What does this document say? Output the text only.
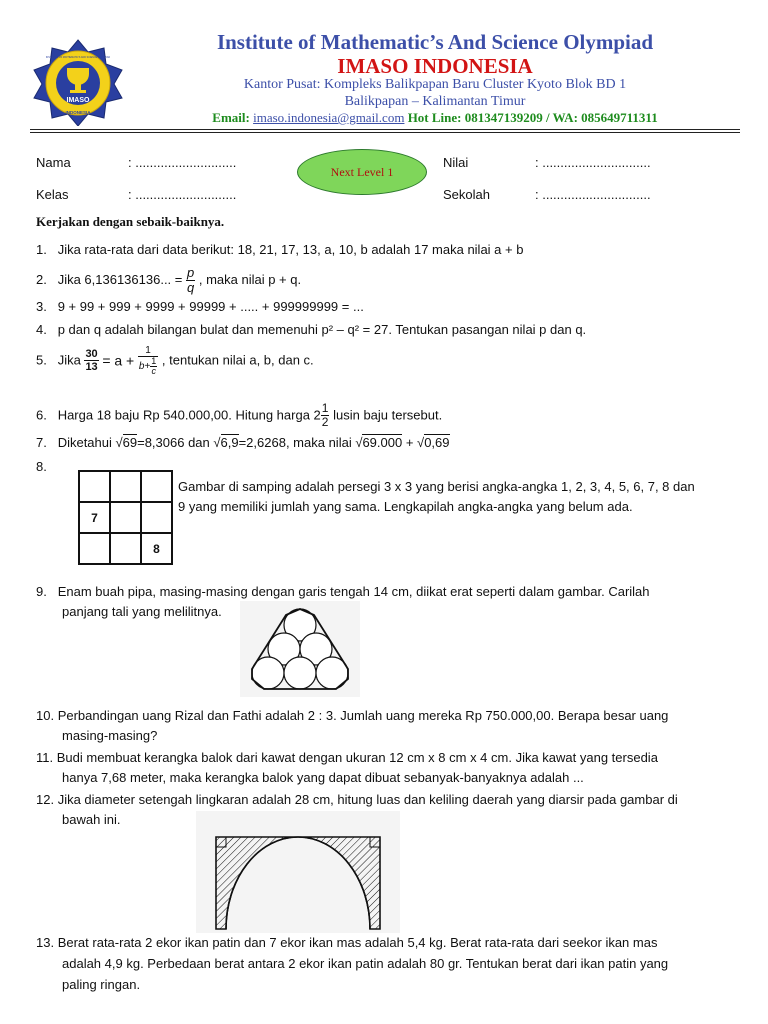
IMASO
INDONESIA
INSTITUTE OF MATHEMATIC'S AND SCIENCE OLYMPIAD
Institute of Mathematic’s And Science Olympiad
IMASO INDONESIA
Kantor Pusat: Kompleks Balikpapan Baru Cluster Kyoto Blok BD 1
Balikpapan – Kalimantan Timur
Email: imaso.indonesia@gmail.com Hot Line: 081347139209 / WA: 085649711311
Nama	: ............................
Kelas	: ............................
Nilai	: ..............................
Sekolah	: ..............................
Next Level 1
Kerjakan dengan sebaik-baiknya.
1. Jika rata-rata dari data berikut: 18, 21, 17, 13, a, 10, b adalah 17 maka nilai a + b
2. Jika 6,136136136... = $\frac{p}{q}$ , maka nilai p + q.
3. 9 + 99 + 999 + 9999 + 99999 + ..... + 999999999 = ...
4. p dan q adalah bilangan bulat dan memenuhi p² – q² = 27. Tentukan pasangan nilai p dan q.
5. Jika $\frac{30}{13} = a + \frac{1}{b+ \frac{1}{c}}$ , tentukan nilai a, b, dan c.
6. Harga 18 baju Rp 540.000,00. Hitung harga $2 \frac{1}{2}$ lusin baju tersebut.
7. Diketahui √69=8,3066 dan √6,9=2,6268, maka nilai √69.000 + √0,69
8.
7
8
Gambar di samping adalah persegi 3 x 3 yang berisi angka-angka 1, 2, 3, 4, 5, 6, 7, 8 dan
9 yang memiliki jumlah yang sama. Lengkapilah angka-angka yang belum ada.
9. Enam buah pipa, masing-masing dengan garis tengah 14 cm, diikat erat seperti dalam gambar. Carilah
panjang tali yang melilitnya.
10. Perbandingan uang Rizal dan Fathi adalah 2 : 3. Jumlah uang mereka Rp 750.000,00. Berapa besar uang
masing-masing?
11. Budi membuat kerangka balok dari kawat dengan ukuran 12 cm x 8 cm x 4 cm. Jika kawat yang tersedia
hanya 7,68 meter, maka kerangka balok yang dapat dibuat sebanyak-banyaknya adalah ...
12. Jika diameter setengah lingkaran adalah 28 cm, hitung luas dan keliling daerah yang diarsir pada gambar di
bawah ini.
13. Berat rata-rata 2 ekor ikan patin dan 7 ekor ikan mas adalah 5,4 kg. Berat rata-rata dari seekor ikan mas
adalah 4,9 kg. Perbedaan berat antara 2 ekor ikan patin adalah 80 gr. Tentukan berat dari ikan patin yang
paling ringan.
